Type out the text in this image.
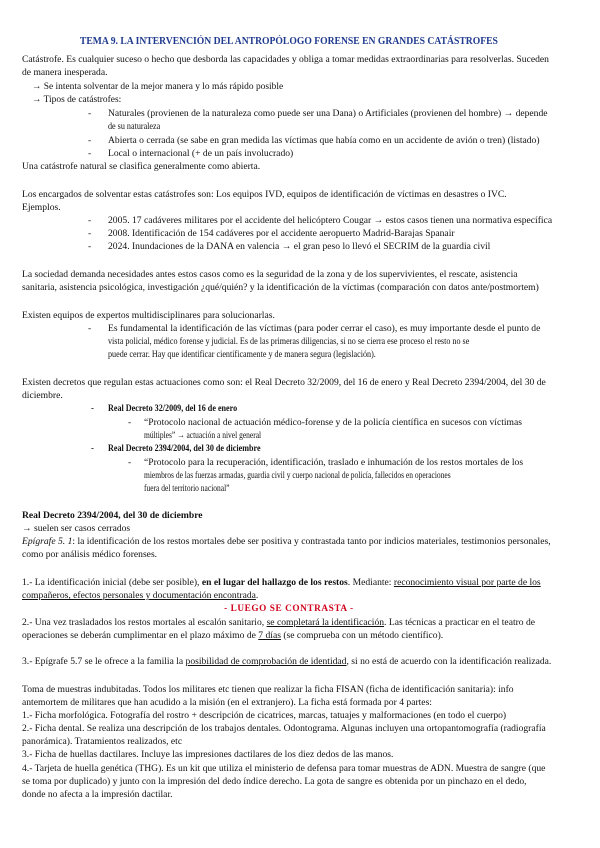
TEMA 9. LA INTERVENCIÓN DEL ANTROPÓLOGO FORENSE EN GRANDES CATÁSTROFES
Catástrofe. Es cualquier suceso o hecho que desborda las capacidades y obliga a tomar medidas extraordinarias para resolverlas. Suceden
de manera inesperada.
→ Se intenta solventar de la mejor manera y lo más rápido posible
→ Tipos de catástrofes:
- Naturales (provienen de la naturaleza como puede ser una Dana) o Artificiales (provienen del hombre) → depende
de su naturaleza
- Abierta o cerrada (se sabe en gran medida las víctimas que había como en un accidente de avión o tren) (listado)
- Local o internacional (+ de un país involucrado)
Una catástrofe natural se clasifica generalmente como abierta.
Los encargados de solventar estas catástrofes son: Los equipos IVD, equipos de identificación de víctimas en desastres o IVC.
Ejemplos.
- 2005. 17 cadáveres militares por el accidente del helicóptero Cougar → estos casos tienen una normativa específica
- 2008. Identificación de 154 cadáveres por el accidente aeropuerto Madrid-Barajas Spanair
- 2024. Inundaciones de la DANA en valencia → el gran peso lo llevó el SECRIM de la guardia civil
La sociedad demanda necesidades antes estos casos como es la seguridad de la zona y de los supervivientes, el rescate, asistencia
sanitaria, asistencia psicológica, investigación ¿qué/quién? y la identificación de la víctimas (comparación con datos ante/postmortem)
Existen equipos de expertos multidisciplinares para solucionarlas.
- Es fundamental la identificación de las víctimas (para poder cerrar el caso), es muy importante desde el punto de
vista policial, médico forense y judicial. Es de las primeras diligencias, si no se cierra ese proceso el resto no se
puede cerrar. Hay que identificar científicamente y de manera segura (legislación).
Existen decretos que regulan estas actuaciones como son: el Real Decreto 32/2009, del 16 de enero y Real Decreto 2394/2004, del 30 de
diciembre.
- Real Decreto 32/2009, del 16 de enero
- “Protocolo nacional de actuación médico-forense y de la policía científica en sucesos con víctimas
múltiples” → actuación a nivel general
- Real Decreto 2394/2004, del 30 de diciembre
- “Protocolo para la recuperación, identificación, traslado e inhumación de los restos mortales de los
miembros de las fuerzas armadas, guardia civil y cuerpo nacional de policía, fallecidos en operaciones
fuera del territorio nacional”
Real Decreto 2394/2004, del 30 de diciembre
→ suelen ser casos cerrados
Epígrafe 5. 1: la identificación de los restos mortales debe ser positiva y contrastada tanto por indicios materiales, testimonios personales,
como por análisis médico forenses.
1.- La identificación inicial (debe ser posible), en el lugar del hallazgo de los restos. Mediante: reconocimiento visual por parte de los
compañeros, efectos personales y documentación encontrada.
- LUEGO SE CONTRASTA -
2.- Una vez trasladados los restos mortales al escalón sanitario, se completará la identificación. Las técnicas a practicar en el teatro de
operaciones se deberán cumplimentar en el plazo máximo de 7 días (se comprueba con un método científico).
3.- Epígrafe 5.7 se le ofrece a la familia la posibilidad de comprobación de identidad, si no está de acuerdo con la identificación realizada.
Toma de muestras indubitadas. Todos los militares etc tienen que realizar la ficha FISAN (ficha de identificación sanitaria): info
antemortem de militares que han acudido a la misión (en el extranjero). La ficha está formada por 4 partes:
1.- Ficha morfológica. Fotografía del rostro + descripción de cicatrices, marcas, tatuajes y malformaciones (en todo el cuerpo)
2.- Ficha dental. Se realiza una descripción de los trabajos dentales. Odontograma. Algunas incluyen una ortopantomografía (radiografía
panorámica). Tratamientos realizados, etc
3.- Ficha de huellas dactilares. Incluye las impresiones dactilares de los diez dedos de las manos.
4.- Tarjeta de huella genética (THG). Es un kit que utiliza el ministerio de defensa para tomar muestras de ADN. Muestra de sangre (que
se toma por duplicado) y junto con la impresión del dedo índice derecho. La gota de sangre es obtenida por un pinchazo en el dedo,
donde no afecta a la impresión dactilar.
